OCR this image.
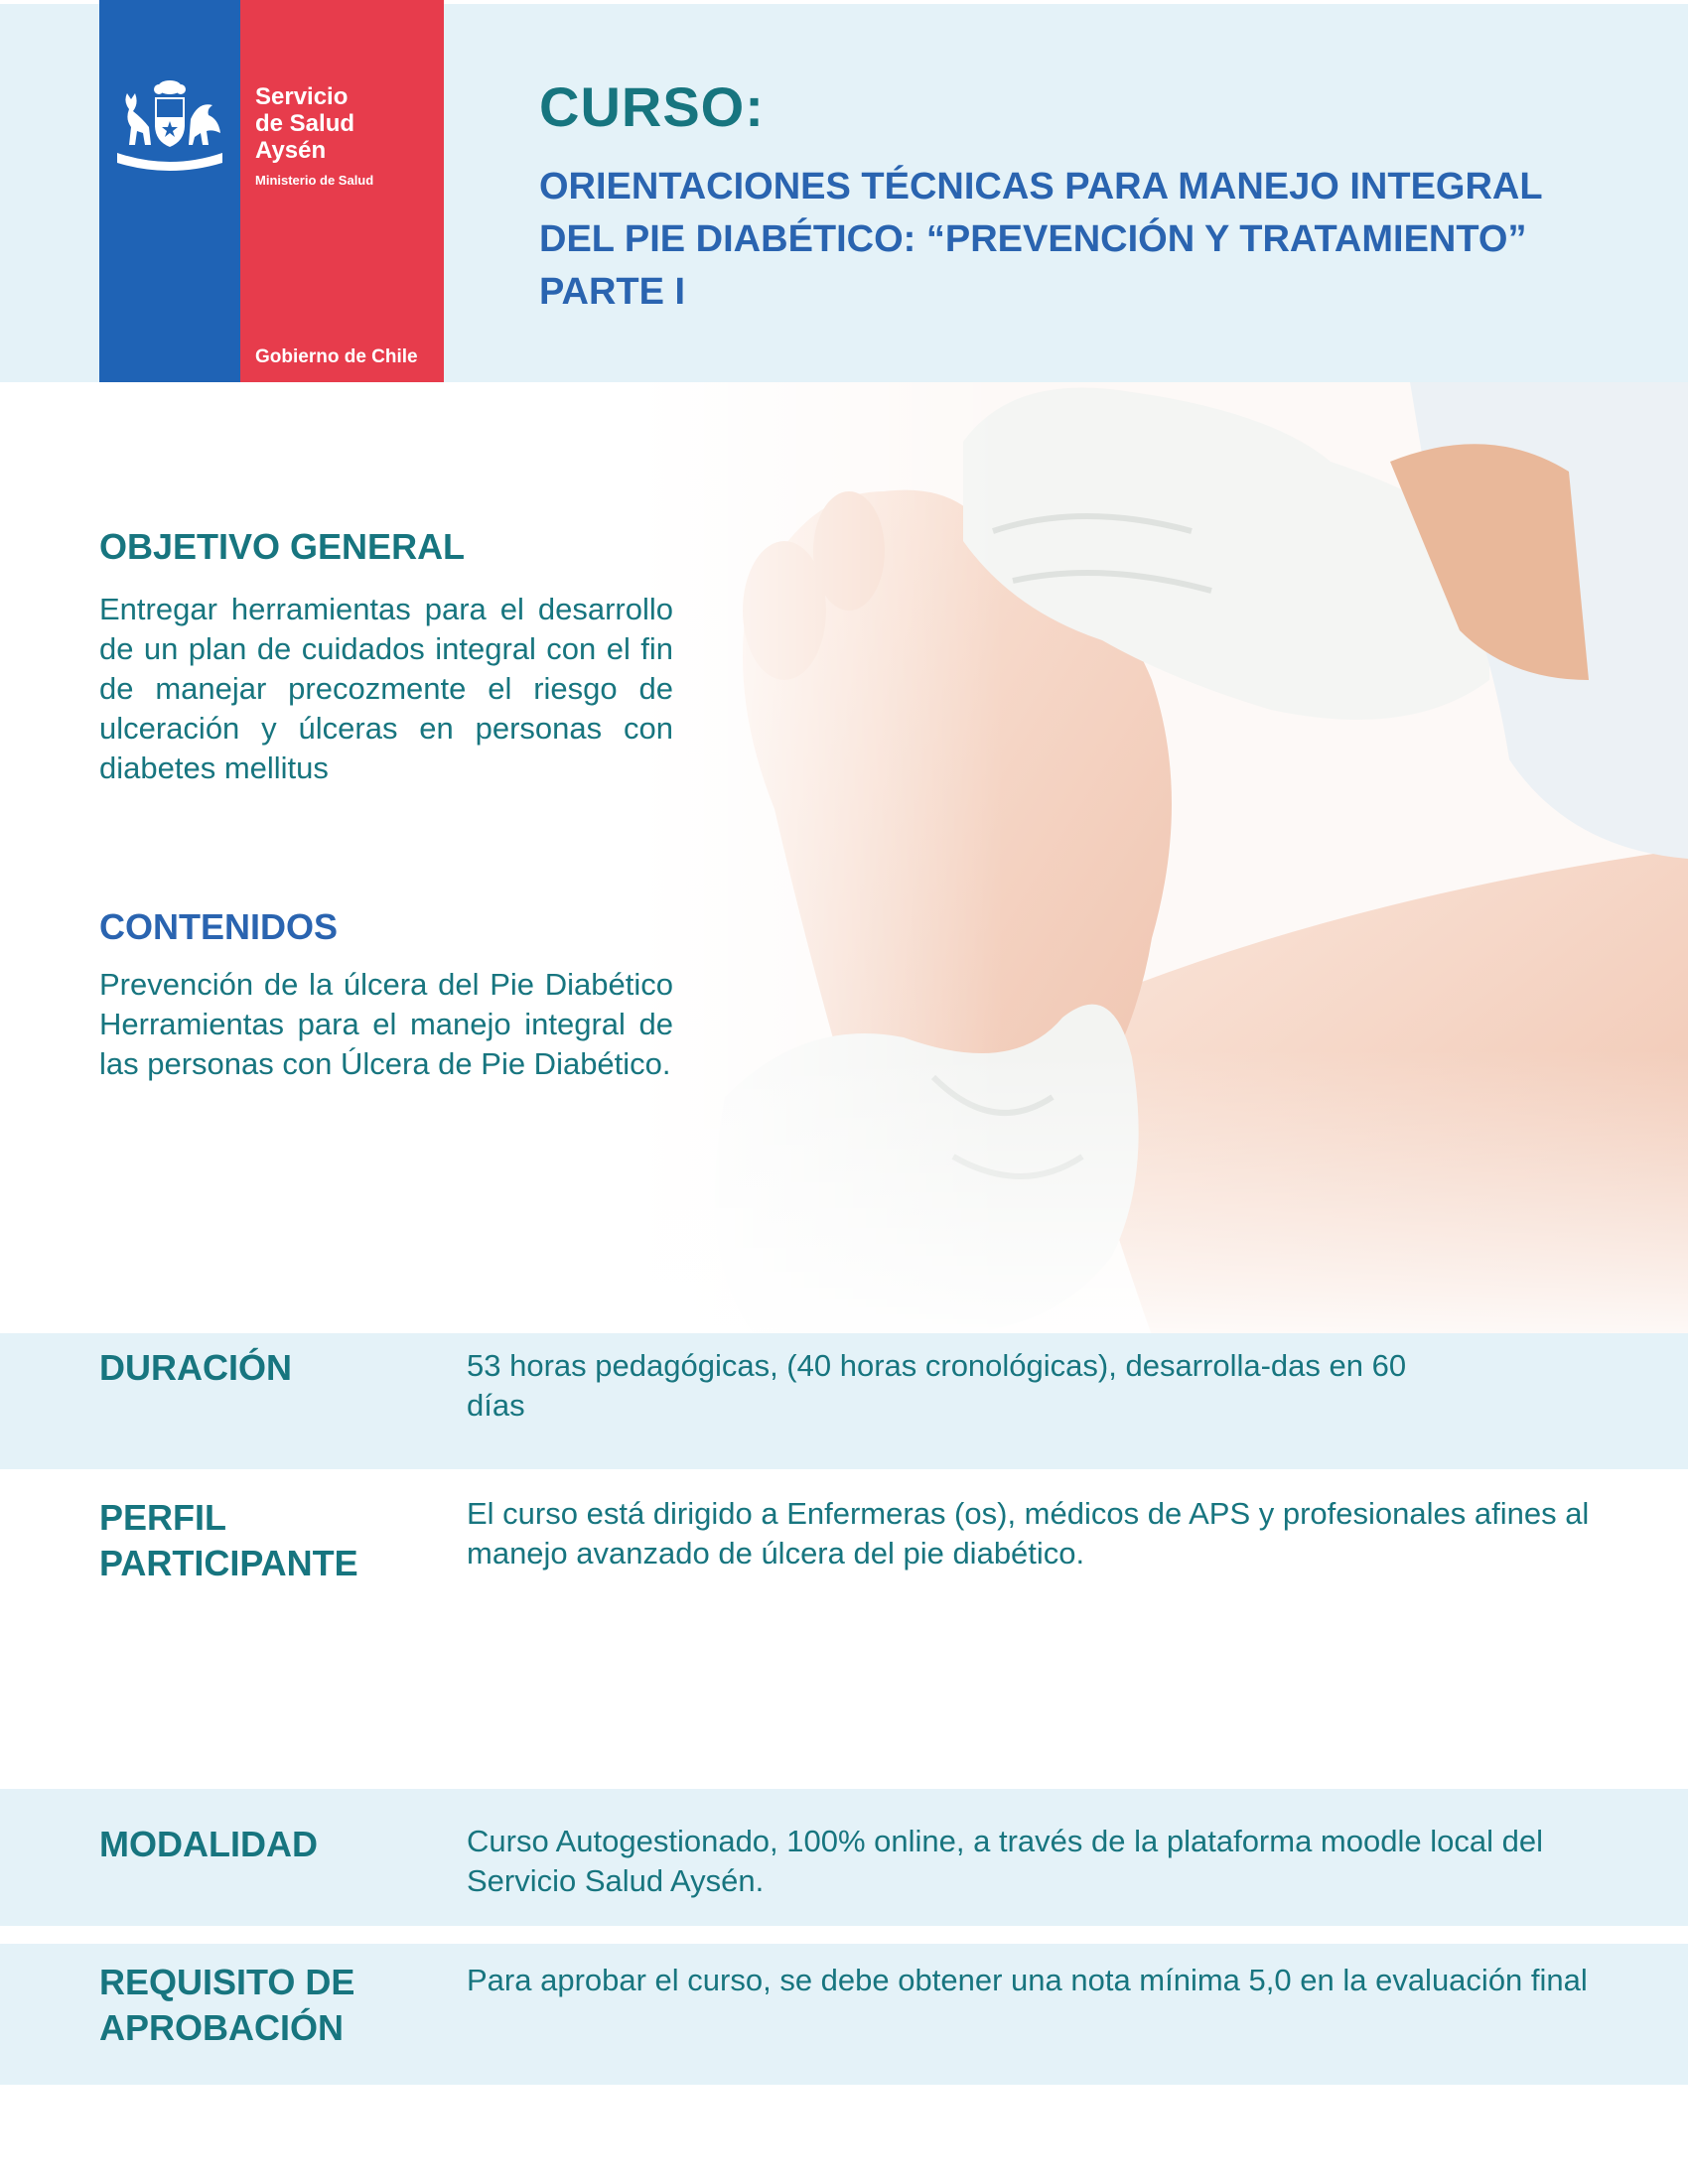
Servicio
de Salud
Aysén
Ministerio de Salud
Gobierno de Chile
CURSO:
ORIENTACIONES TÉCNICAS PARA MANEJO INTEGRAL DEL PIE DIABÉTICO: “PREVENCIÓN Y TRATAMIENTO” PARTE I
OBJETIVO GENERAL
Entregar herramientas para el desarrollo de un plan de cuidados integral con el fin de manejar precozmente el riesgo de ulceración y úlceras en personas con diabetes mellitus
CONTENIDOS
Prevención de la úlcera del Pie Diabético Herramientas para el manejo integral de las personas con Úlcera de Pie Diabético.
DURACIÓN	53 horas pedagógicas, (40 horas cronológicas), desarrolla-das en 60 días
PERFIL
PARTICIPANTE
El curso está dirigido a Enfermeras (os), médicos de APS y profesionales afines al manejo avanzado de úlcera del pie diabético.
MODALIDAD	Curso Autogestionado, 100% online, a través de la plataforma moodle local del Servicio Salud Aysén.
REQUISITO DE
APROBACIÓN
Para aprobar el curso, se debe obtener una nota mínima 5,0 en la evaluación final
